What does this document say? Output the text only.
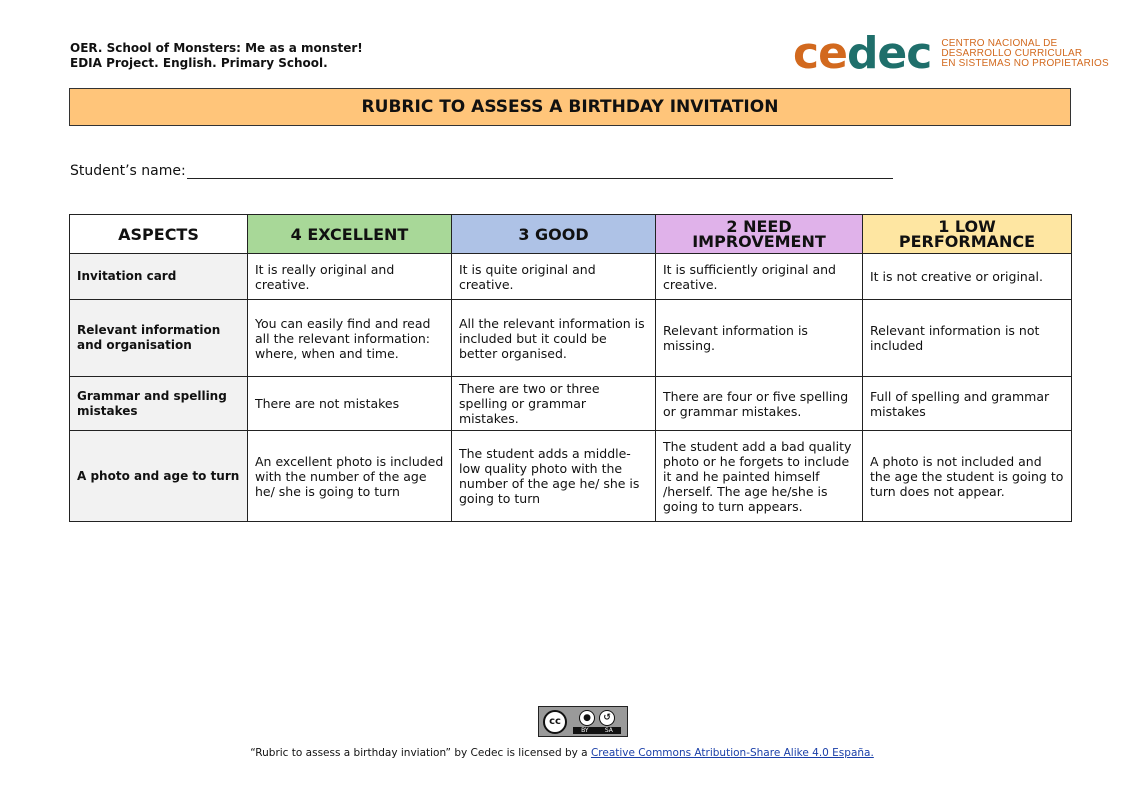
OER. School of Monsters: Me as a monster!
EDIA Project. English. Primary School.	cedec CENTRO NACIONAL DE
DESARROLLO CURRICULAR
EN SISTEMAS NO PROPIETARIOS
RUBRIC TO ASSESS A BIRTHDAY INVITATION
Student’s name:
ASPECTS	4 EXCELLENT	3 GOOD	2 NEED IMPROVEMENT	1 LOW PERFORMANCE
Invitation card	It is really original and creative.	It is quite original and creative.	It is sufficiently original and creative.	It is not creative or original.
Relevant information and organisation	You can easily find and read all the relevant information: where, when and time.	All the relevant information is included but it could be better organised.	Relevant information is missing.	Relevant information is not included
Grammar and spelling mistakes	There are not mistakes	There are two or three spelling or grammar mistakes.	There are four or five spelling or grammar mistakes.	Full of spelling and grammar mistakes
A photo and age to turn	An excellent photo is included with the number of the age he/ she is going to turn	The student adds a middle-low quality photo with the number of the age he/ she is going to turn	The student add a bad quality photo or he forgets to include it and he painted himself /herself. The age he/she is going to turn appears.	A photo is not included and the age the student is going to turn does not appear.
cc	●	↺
BY	SA
“Rubric to assess a birthday inviation” by Cedec is licensed by a Creative Commons Atribution-Share Alike 4.0 España.
